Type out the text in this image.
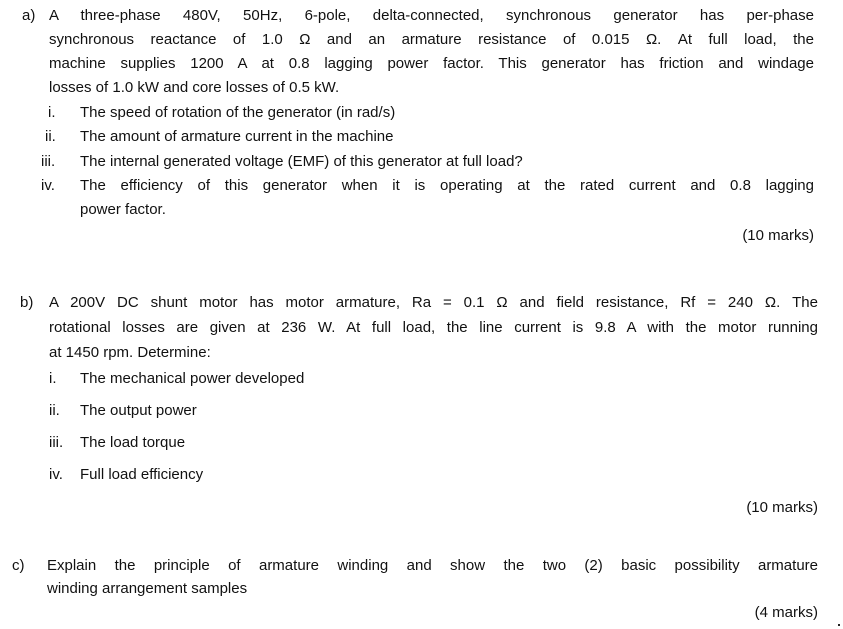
a) A three-phase 480V, 50Hz, 6-pole, delta-connected, synchronous generator has per-phase
synchronous reactance of 1.0 Ω and an armature resistance of 0.015 Ω. At full load, the
machine supplies 1200 A at 0.8 lagging power factor. This generator has friction and windage
losses of 1.0 kW and core losses of 0.5 kW.
i. The speed of rotation of the generator (in rad/s)
ii. The amount of armature current in the machine
iii. The internal generated voltage (EMF) of this generator at full load?
iv. The efficiency of this generator when it is operating at the rated current and 0.8 lagging
power factor.
(10 marks)
b) A 200V DC shunt motor has motor armature, Ra = 0.1 Ω and field resistance, Rf = 240 Ω. The
rotational losses are given at 236 W. At full load, the line current is 9.8 A with the motor running
at 1450 rpm. Determine:
i. The mechanical power developed
ii. The output power
iii. The load torque
iv. Full load efficiency
(10 marks)
c) Explain the principle of armature winding and show the two (2) basic possibility armature
winding arrangement samples
(4 marks)
